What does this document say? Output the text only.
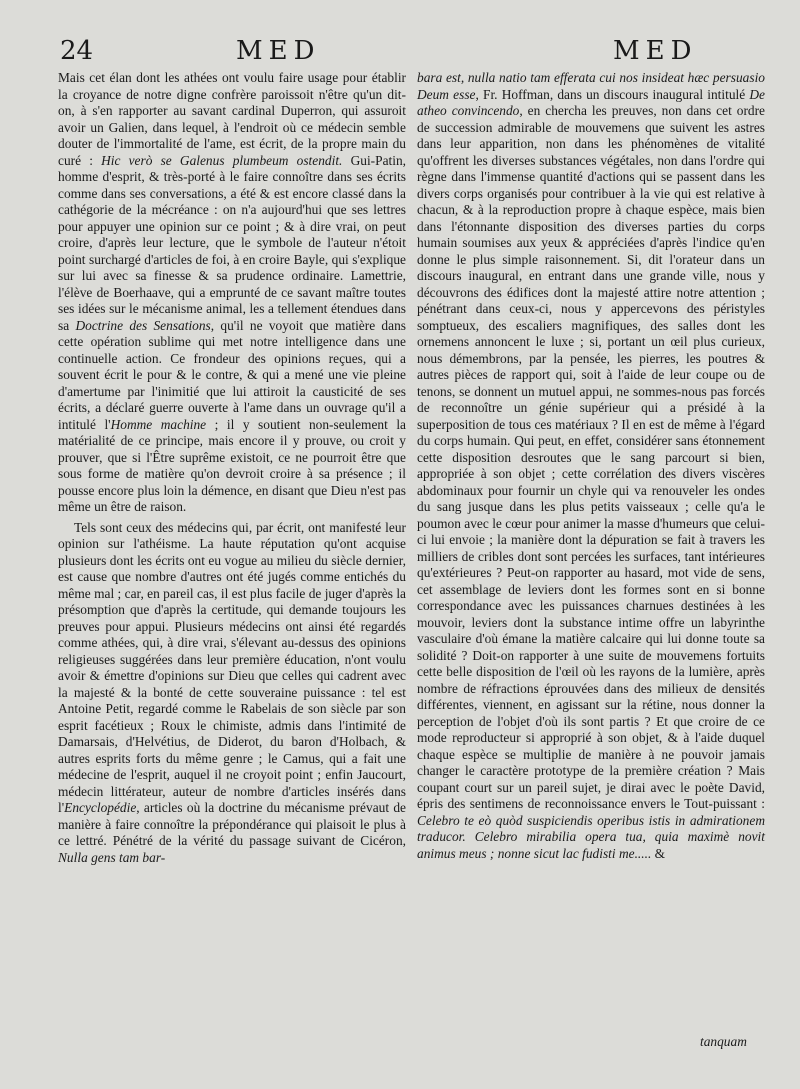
24	MED	MED

Mais cet élan dont les athées ont voulu faire usage pour établir la croyance de notre digne confrère paroissoit n'être qu'un dit-on, à s'en rapporter au savant cardinal Duperron, qui assuroit avoir un Galien, dans lequel, à l'endroit où ce médecin semble douter de l'immortalité de l'ame, est écrit, de la propre main du curé : Hic verò se Galenus plumbeum ostendit. Gui-Patin, homme d'esprit, & très-porté à le faire connoître dans ses écrits comme dans ses conversations, a été & est encore classé dans la cathégorie de la mécréance : on n'a aujourd'hui que ses lettres pour appuyer une opinion sur ce point ; & à dire vrai, on peut croire, d'après leur lecture, que le symbole de l'auteur n'étoit point surchargé d'articles de foi, à en croire Bayle, qui s'explique sur lui avec sa finesse & sa prudence ordinaire. Lamettrie, l'élève de Boerhaave, qui a emprunté de ce savant maître toutes ses idées sur le mécanisme animal, les a tellement étendues dans sa Doctrine des Sensations, qu'il ne voyoit que matière dans cette opération sublime qui met notre intelligence dans une continuelle action. Ce frondeur des opinions reçues, qui a souvent écrit le pour & le contre, & qui a mené une vie pleine d'amertume par l'inimitié que lui attiroit la causticité de ses écrits, a déclaré guerre ouverte à l'ame dans un ouvrage qu'il a intitulé l'Homme machine ; il y soutient non-seulement la matérialité de ce principe, mais encore il y prouve, ou croit y prouver, que si l'Être suprême existoit, ce ne pourroit être que sous forme de matière qu'on devroit croire à sa présence ; il pousse encore plus loin la démence, en disant que Dieu n'est pas même un être de raison.

Tels sont ceux des médecins qui, par écrit, ont manifesté leur opinion sur l'athéisme. La haute réputation qu'ont acquise plusieurs dont les écrits ont eu vogue au milieu du siècle dernier, est cause que nombre d'autres ont été jugés comme entichés du même mal ; car, en pareil cas, il est plus facile de juger d'après la présomption que d'après la certitude, qui demande toujours les preuves pour appui. Plusieurs médecins ont ainsi été regardés comme athées, qui, à dire vrai, s'élevant au-dessus des opinions religieuses suggérées dans leur première éducation, n'ont voulu avoir & émettre d'opinions sur Dieu que celles qui cadrent avec la majesté & la bonté de cette souveraine puissance : tel est Antoine Petit, regardé comme le Rabelais de son siècle par son esprit facétieux ; Roux le chimiste, admis dans l'intimité de Damarsais, d'Helvétius, de Diderot, du baron d'Holbach, & autres esprits forts du même genre ; le Camus, qui a fait une médecine de l'esprit, auquel il ne croyoit point ; enfin Jaucourt, médecin littérateur, auteur de nombre d'articles insérés dans l'Encyclopédie, articles où la doctrine du mécanisme prévaut de manière à faire connoître la prépondérance qui plaisoit le plus à ce lettré. Pénétré de la vérité du passage suivant de Cicéron, Nulla gens tam bar-

bara est, nulla natio tam efferata cui nos insideat hæc persuasio Deum esse, Fr. Hoffman, dans un discours inaugural intitulé De atheo convincendo, en chercha les preuves, non dans cet ordre de succession admirable de mouvemens que suivent les astres dans leur apparition, non dans les phénomènes de vitalité qu'offrent les diverses substances végétales, non dans l'ordre qui règne dans l'immense quantité d'actions qui se passent dans les divers corps organisés pour contribuer à la vie qui est relative à chacun, & à la reproduction propre à chaque espèce, mais bien dans l'étonnante disposition des diverses parties du corps humain soumises aux yeux & appréciées d'après l'indice qu'en donne le plus simple raisonnement. Si, dit l'orateur dans un discours inaugural, en entrant dans une grande ville, nous y découvrons des édifices dont la majesté attire notre attention ; pénétrant dans ceux-ci, nous y appercevons des péristyles somptueux, des escaliers magnifiques, des salles dont les ornemens annoncent le luxe ; si, portant un œil plus curieux, nous démembrons, par la pensée, les pierres, les poutres & autres pièces de rapport qui, soit à l'aide de leur coupe ou de tenons, se donnent un mutuel appui, ne sommes-nous pas forcés de reconnoître un génie supérieur qui a présidé à la superposition de tous ces matériaux ? Il en est de même à l'égard du corps humain. Qui peut, en effet, considérer sans étonnement cette disposition desroutes que le sang parcourt si bien, appropriée à son objet ; cette corrélation des divers viscères abdominaux pour fournir un chyle qui va renouveler les ondes du sang jusque dans les plus petits vaisseaux ; celle qu'a le poumon avec le cœur pour animer la masse d'humeurs que celui-ci lui envoie ; la manière dont la dépuration se fait à travers les milliers de cribles dont sont percées les surfaces, tant intérieures qu'extérieures ? Peut-on rapporter au hasard, mot vide de sens, cet assemblage de leviers dont les formes sont en si bonne correspondance avec les puissances charnues destinées à les mouvoir, leviers dont la substance intime offre un labyrinthe vasculaire d'où émane la matière calcaire qui lui donne toute sa solidité ? Doit-on rapporter à une suite de mouvemens fortuits cette belle disposition de l'œil où les rayons de la lumière, après nombre de réfractions éprouvées dans des milieux de densités différentes, viennent, en agissant sur la rétine, nous donner la perception de l'objet d'où ils sont partis ? Et que croire de ce mode reproducteur si approprié à son objet, & à l'aide duquel chaque espèce se multiplie de manière à ne pouvoir jamais changer le caractère prototype de la première création ? Mais coupant court sur un pareil sujet, je dirai avec le poète David, épris des sentimens de reconnoissance envers le Tout-puissant : Celebro te eò quòd suspiciendis operibus istis in admirationem traducor. Celebro mirabilia opera tua, quia maximè novit animus meus ; nonne sicut lac fudisti me..... &

tanquam
